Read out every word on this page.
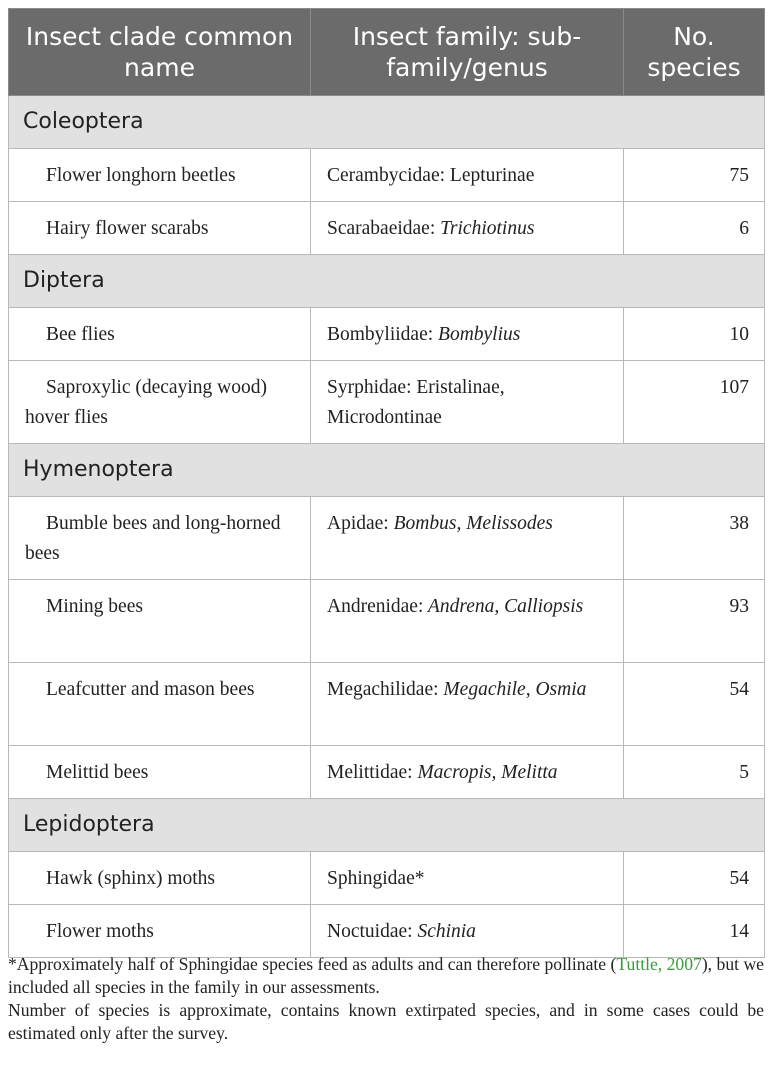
Insect clade common name	Insect family: sub-family/genus	No. species
Coleoptera		
Flower longhorn beetles	Cerambycidae: Lepturinae	75
Hairy flower scarabs	Scarabaeidae: Trichiotinus	6
Diptera		
Bee flies	Bombyliidae: Bombylius	10
Saproxylic (decaying wood) hover flies	Syrphidae: Eristalinae, Microdontinae	107
Hymenoptera		
Bumble bees and long-horned bees	Apidae: Bombus, Melissodes	38
Mining bees	Andrenidae: Andrena, Calliopsis	93
Leafcutter and mason bees	Megachilidae: Megachile, Osmia	54
Melittid bees	Melittidae: Macropis, Melitta	5
Lepidoptera		
Hawk (sphinx) moths	Sphingidae*	54
Flower moths	Noctuidae: Schinia	14

*Approximately half of Sphingidae species feed as adults and can therefore pollinate (Tuttle, 2007), but we included all species in the family in our assessments.

Number of species is approximate, contains known extirpated species, and in some cases could be estimated only after the survey.
